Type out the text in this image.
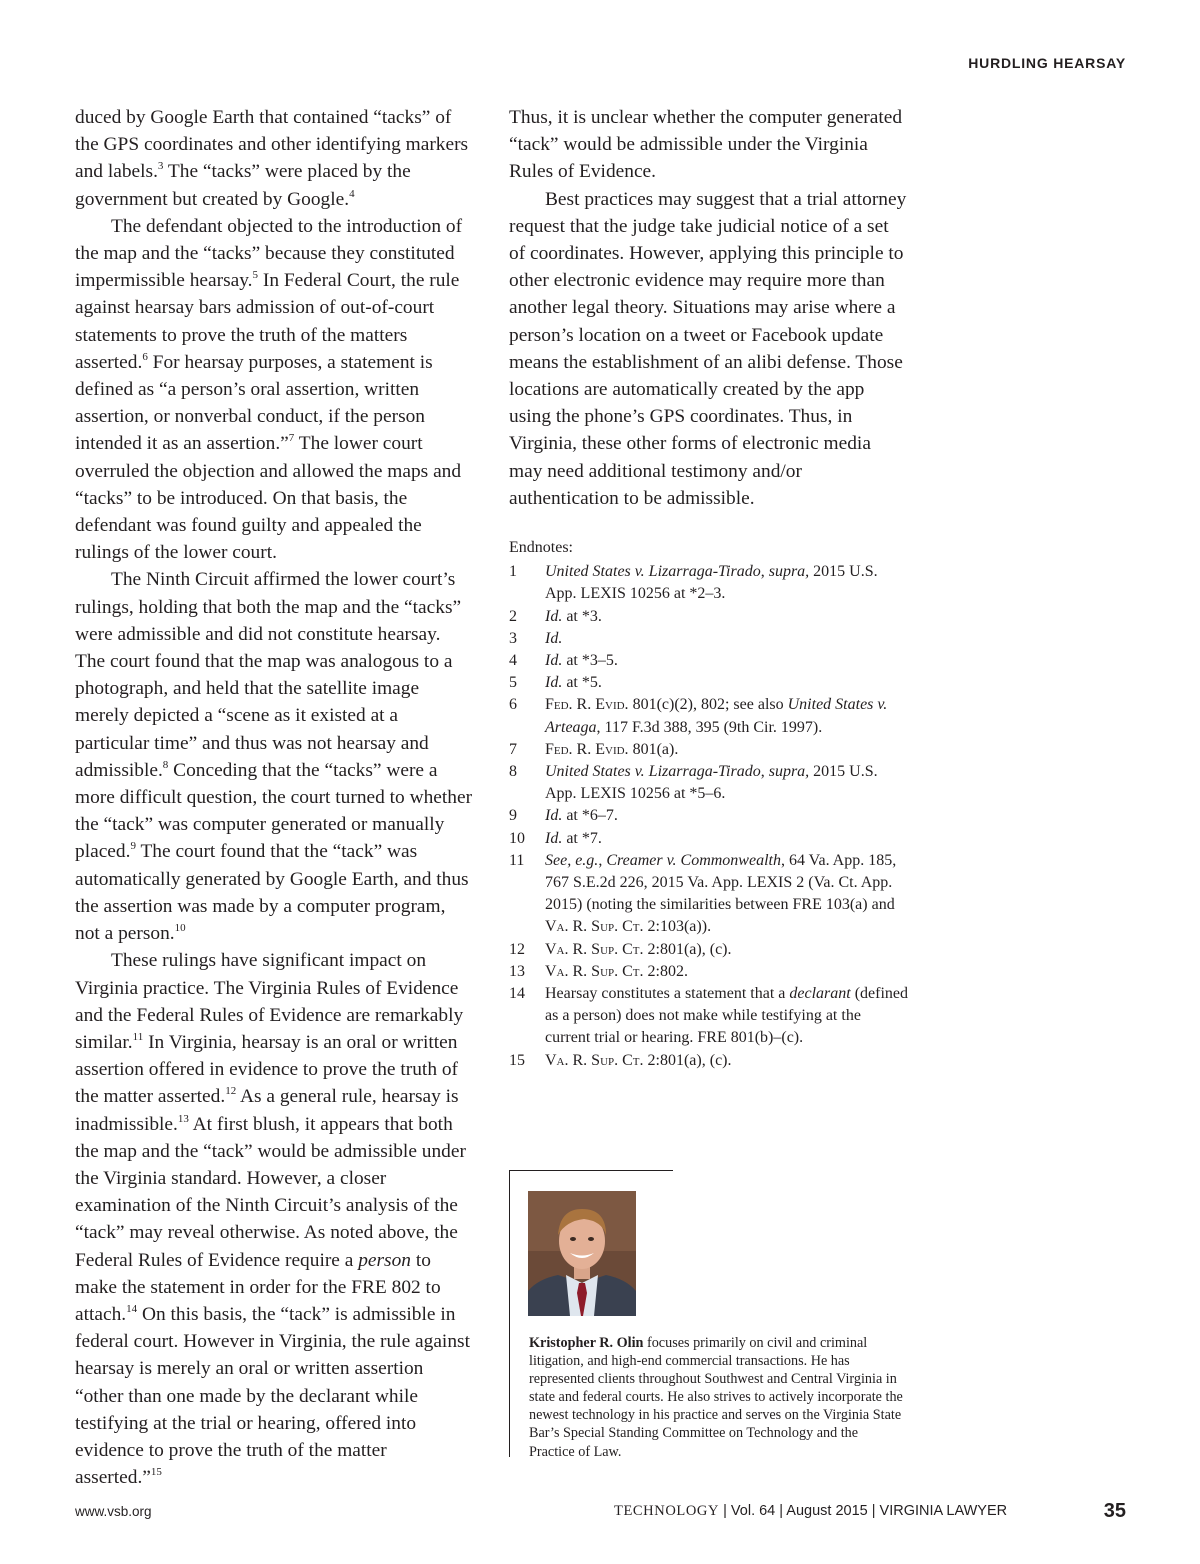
HURDLING HEARSAY

duced by Google Earth that contained “tacks” of the GPS coordinates and other identifying markers and labels.$^3$ The “tacks” were placed by the government but created by Google.$^4$

The defendant objected to the introduction of the map and the “tacks” because they constituted impermissible hearsay.$^5$ In Federal Court, the rule against hearsay bars admission of out-of-court statements to prove the truth of the matters asserted.$^6$ For hearsay purposes, a statement is defined as “a person’s oral assertion, written assertion, or nonverbal conduct, if the person intended it as an assertion.”$^7$ The lower court overruled the objection and allowed the maps and “tacks” to be introduced. On that basis, the defendant was found guilty and appealed the rulings of the lower court.

The Ninth Circuit affirmed the lower court’s rulings, holding that both the map and the “tacks” were admissible and did not constitute hearsay. The court found that the map was analogous to a photograph, and held that the satellite image merely depicted a “scene as it existed at a particular time” and thus was not hearsay and admissible.$^8$ Conceding that the “tacks” were a more difficult question, the court turned to whether the “tack” was computer generated or manually placed.$^9$ The court found that the “tack” was automatically generated by Google Earth, and thus the assertion was made by a computer program, not a person.$^{10}$

These rulings have significant impact on Virginia practice. The Virginia Rules of Evidence and the Federal Rules of Evidence are remarkably similar.$^{11}$ In Virginia, hearsay is an oral or written assertion offered in evidence to prove the truth of the matter asserted.$^{12}$ As a general rule, hearsay is inadmissible.$^{13}$ At first blush, it appears that both the map and the “tack” would be admissible under the Virginia standard. However, a closer examination of the Ninth Circuit’s analysis of the “tack” may reveal otherwise. As noted above, the Federal Rules of Evidence require a person to make the statement in order for the FRE 802 to attach.$^{14}$ On this basis, the “tack” is admissible in federal court. However in Virginia, the rule against hearsay is merely an oral or written assertion “other than one made by the declarant while testifying at the trial or hearing, offered into evidence to prove the truth of the matter asserted.”$^{15}$

Thus, it is unclear whether the computer generated “tack” would be admissible under the Virginia Rules of Evidence.

Best practices may suggest that a trial attorney request that the judge take judicial notice of a set of coordinates. However, applying this principle to other electronic evidence may require more than another legal theory. Situations may arise where a person’s location on a tweet or Facebook update means the establishment of an alibi defense. Those locations are automatically created by the app using the phone’s GPS coordinates. Thus, in Virginia, these other forms of electronic media may need additional testimony and/or authentication to be admissible.

Endnotes:
1	United States v. Lizarraga-Tirado, supra, 2015 U.S. App. LEXIS 10256 at *2–3.
2	Id. at *3.
3	Id.
4	Id. at *3–5.
5	Id. at *5.
6	Fed. R. Evid. 801(c)(2), 802; see also United States v. Arteaga, 117 F.3d 388, 395 (9th Cir. 1997).
7	Fed. R. Evid. 801(a).
8	United States v. Lizarraga-Tirado, supra, 2015 U.S. App. LEXIS 10256 at *5–6.
9	Id. at *6–7.
10	Id. at *7.
11	See, e.g., Creamer v. Commonwealth, 64 Va. App. 185, 767 S.E.2d 226, 2015 Va. App. LEXIS 2 (Va. Ct. App. 2015) (noting the similarities between FRE 103(a) and Va. R. Sup. Ct. 2:103(a)).
12	Va. R. Sup. Ct. 2:801(a), (c).
13	Va. R. Sup. Ct. 2:802.
14	Hearsay constitutes a statement that a declarant (defined as a person) does not make while testifying at the current trial or hearing. FRE 801(b)–(c).
15	Va. R. Sup. Ct. 2:801(a), (c).
Kristopher R. Olin focuses primarily on civil and criminal litigation, and high-end commercial transactions. He has represented clients throughout Southwest and Central Virginia in state and federal courts. He also strives to actively incorporate the newest technology in his practice and serves on the Virginia State Bar’s Special Standing Committee on Technology and the Practice of Law.
www.vsb.org	TECHNOLOGY | Vol. 64 | August 2015 | VIRGINIA LAWYER	35
